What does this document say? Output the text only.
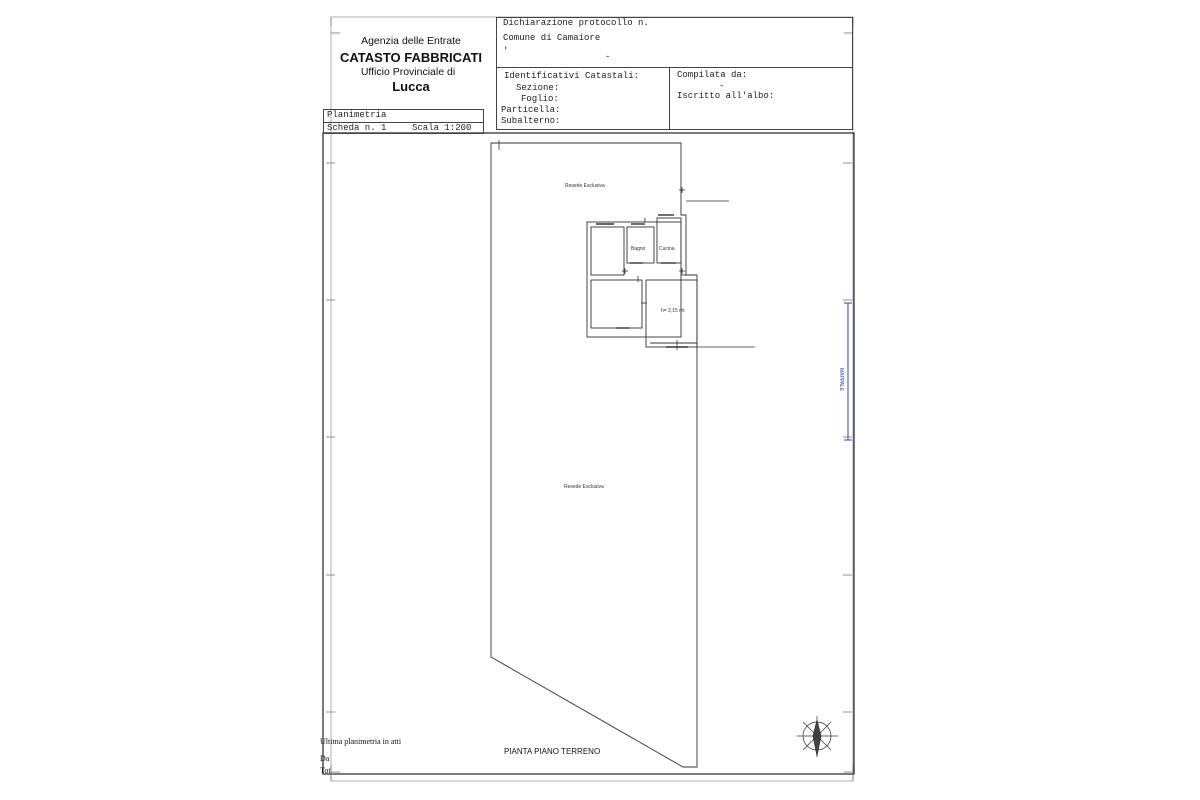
Agenzia delle Entrate
CATASTO FABBRICATI
Ufficio Provinciale di
Lucca
Dichiarazione protocollo n.
Comune di Camaiore
'
-
Identificativi Catastali:
Sezione:
Foglio:
Particella:
Subalterno:
Compilata da:
-
Iscritto all'albo:
Planimetria
Scheda n. 1	Scala 1:200
Resede Esclusiva
Resede Esclusiva
Bagno	Cucina
h= 2,15 ml
PIANTA PIANO TERRENO
MAPPALE
Ultima planimetria in atti
Da
Tot
